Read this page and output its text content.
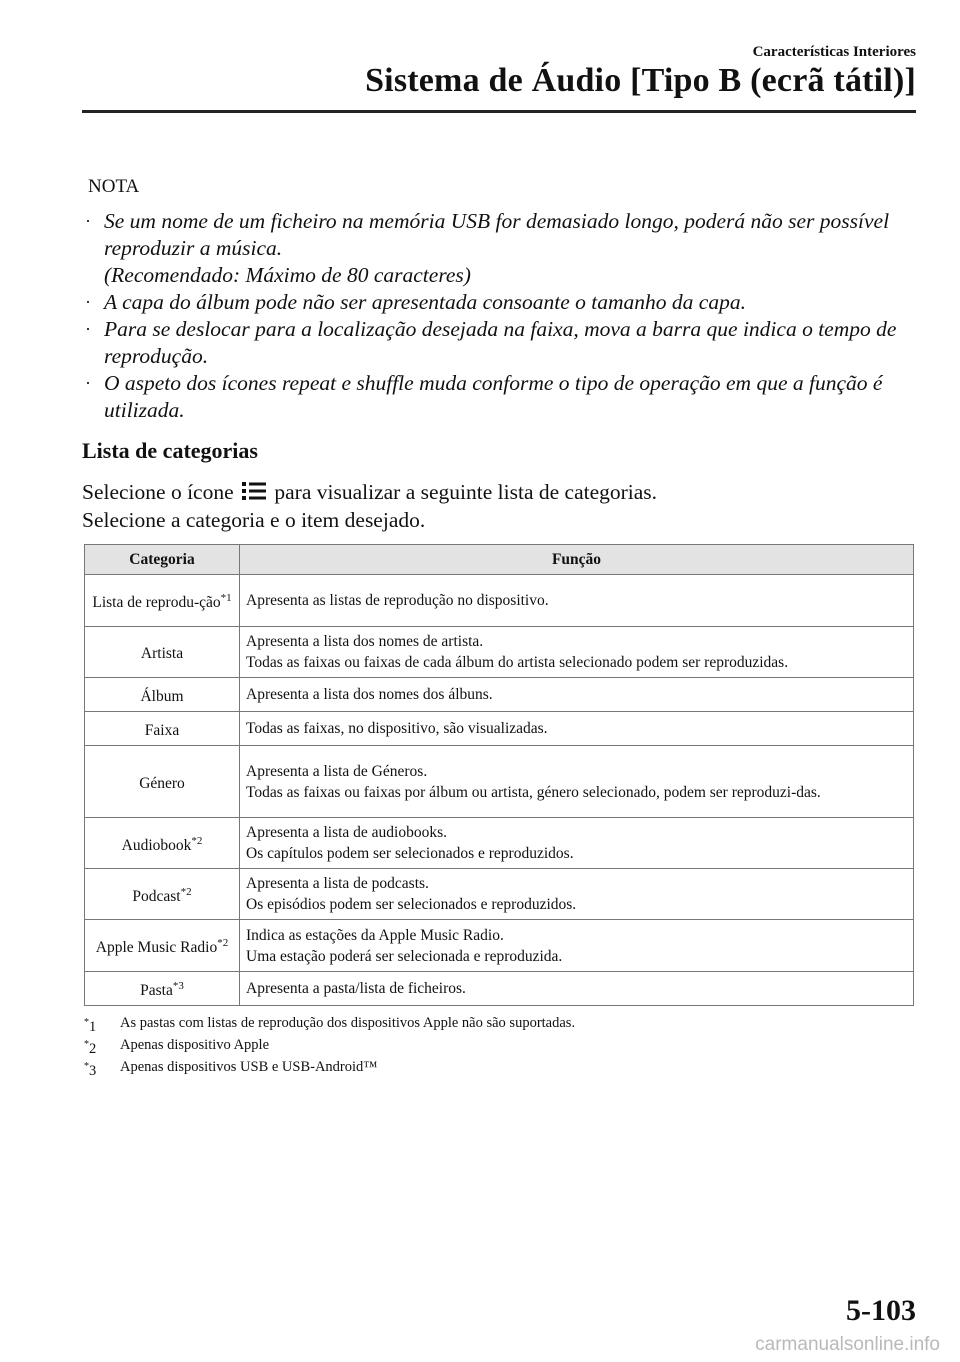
Características Interiores
Sistema de Áudio [Tipo B (ecrã tátil)]
NOTA
· Se um nome de um ficheiro na memória USB for demasiado longo, poderá não ser possível reproduzir a música.
(Recomendado: Máximo de 80 caracteres)
· A capa do álbum pode não ser apresentada consoante o tamanho da capa.
· Para se deslocar para a localização desejada na faixa, mova a barra que indica o tempo de reprodução.
· O aspeto dos ícones repeat e shuffle muda conforme o tipo de operação em que a função é utilizada.
Lista de categorias
Selecione o ícone para visualizar a seguinte lista de categorias.
Selecione a categoria e o item desejado.
Categoria	Função
Lista de reprodu-ção$^{*1}$	Apresenta as listas de reprodução no dispositivo.

Artista	Apresenta a lista dos nomes de artista.
Todas as faixas ou faixas de cada álbum do artista selecionado podem ser reproduzidas.

Álbum	Apresenta a lista dos nomes dos álbuns.

Faixa	Todas as faixas, no dispositivo, são visualizadas.

Género	Apresenta a lista de Géneros.
Todas as faixas ou faixas por álbum ou artista, género selecionado, podem ser reproduzi-das.

Audiobook$^{*2}$	Apresenta a lista de audiobooks.
Os capítulos podem ser selecionados e reproduzidos.

Podcast$^{*2}$	Apresenta a lista de podcasts.
Os episódios podem ser selecionados e reproduzidos.

Apple Music Radio$^{*2}$	Indica as estações da Apple Music Radio.
Uma estação poderá ser selecionada e reproduzida.

Pasta$^{*3}$	Apresenta a pasta/lista de ficheiros.
*1 As pastas com listas de reprodução dos dispositivos Apple não são suportadas.
*2 Apenas dispositivo Apple
*3 Apenas dispositivos USB e USB-Android™
5-103
carmanualsonline.info
